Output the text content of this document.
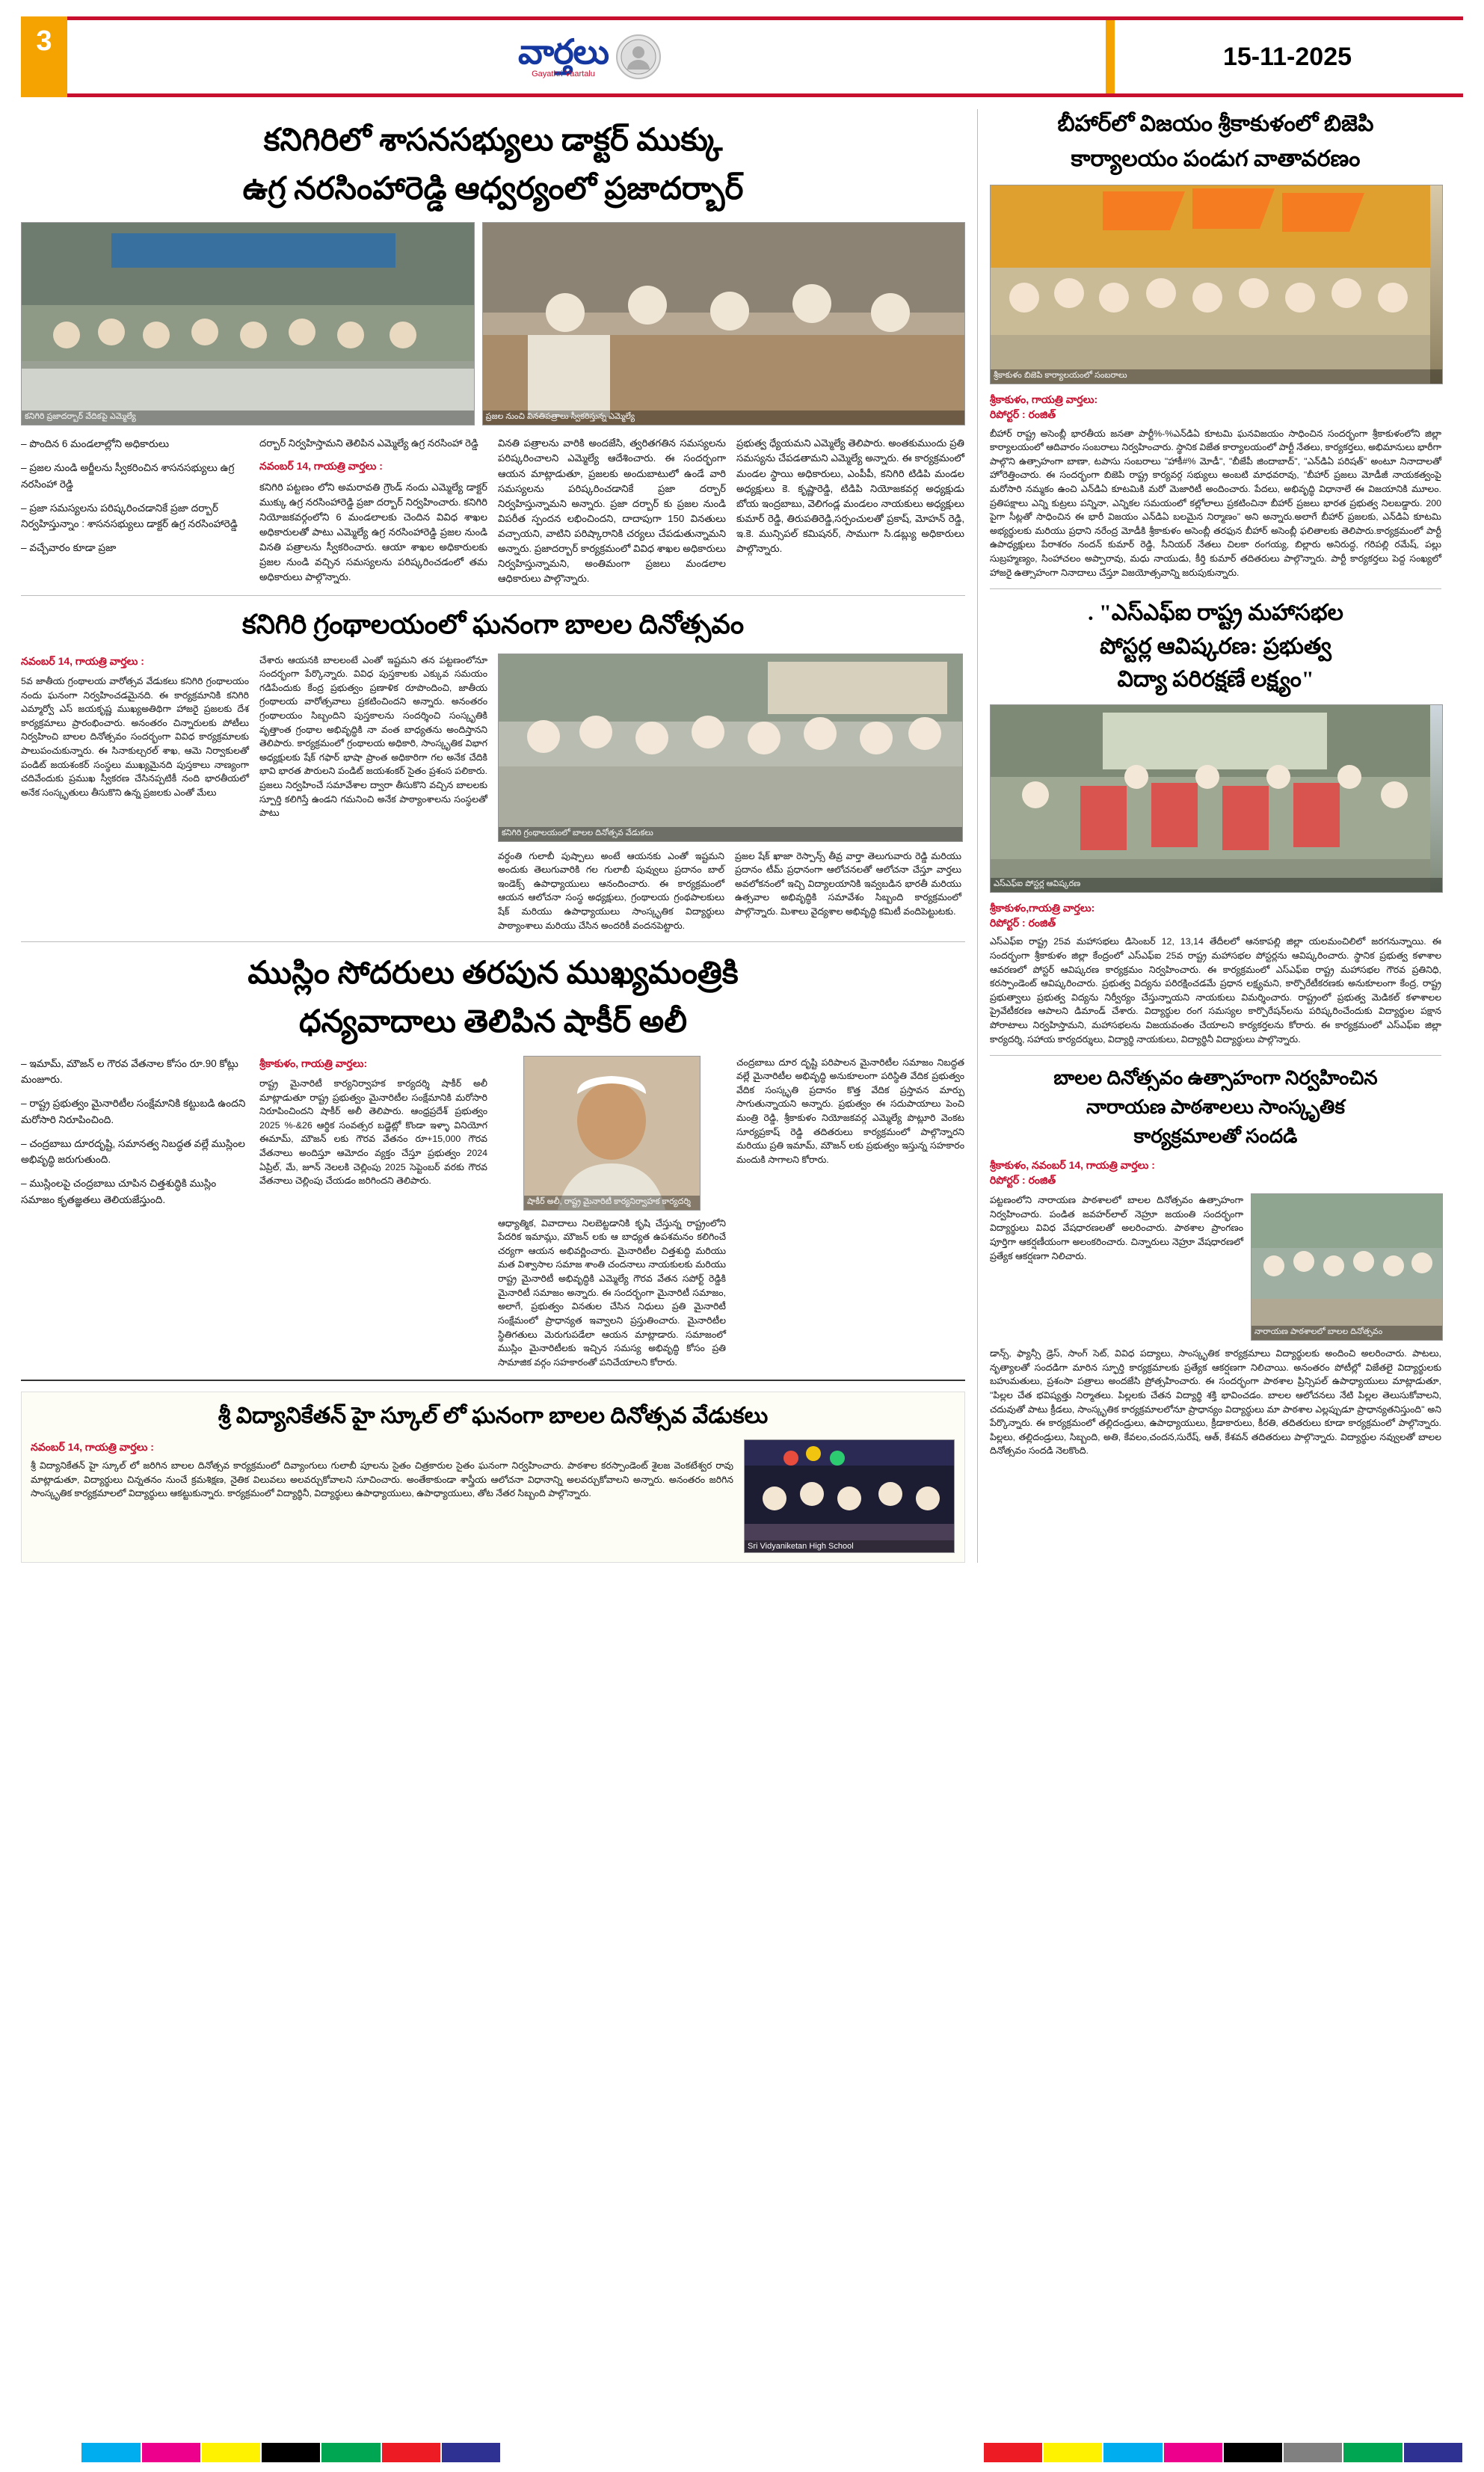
3	వార్తలు
Gayathri Vaartalu
15-11-2025
కనిగిరిలో శాసనసభ్యులు డాక్టర్ ముక్కు
ఉగ్ర నరసింహారెడ్డి ఆధ్వర్యంలో ప్రజాదర్బార్
కనిగిరి ప్రజాదర్బార్ వేదికపై ఎమ్మెల్యే	ప్రజల నుంచి వినతిపత్రాలు స్వీకరిస్తున్న ఎమ్మెల్యే
– పొందిన 6 మండలాల్లోని అధికారులు
– ప్రజల నుండి అర్జీలను స్వీకరించిన శాసనసభ్యులు ఉగ్ర నరసింహా రెడ్డి
– ప్రజా సమస్యలను పరిష్కరించడానికే ప్రజా దర్బార్ నిర్వహిస్తున్నాం : శాసనసభ్యులు డాక్టర్ ఉగ్ర నరసింహారెడ్డి
– వచ్చేవారం కూడా ప్రజా
దర్బార్ నిర్వహిస్తామని తెలిపిన ఎమ్మెల్యే ఉగ్ర నరసింహా రెడ్డి
నవంబర్ 14, గాయత్రి వార్తలు :
కనిగిరి పట్టణం లోని అమరావతి గ్రౌండ్ నందు ఎమ్మెల్యే డాక్టర్ ముక్కు ఉగ్ర నరసింహారెడ్డి ప్రజా దర్బార్ నిర్వహించారు. కనిగిరి నియోజకవర్గంలోని 6 మండలాలకు చెందిన వివిధ శాఖల అధికారులతో పాటు ఎమ్మెల్యే ఉగ్ర నరసింహారెడ్డి ప్రజల నుండి వినతి పత్రాలను స్వీకరించారు. ఆయా శాఖల అధికారులకు ప్రజల నుండి వచ్చిన సమస్యలను పరిష్కరించడంలో తమ అధికారులు పాల్గొన్నారు.
వినతి పత్రాలను వారికి అందజేసి, త్వరితగతిన సమస్యలను పరిష్కరించాలని ఎమ్మెల్యే ఆదేశించారు. ఈ సందర్భంగా ఆయన మాట్లాడుతూ, ప్రజలకు అందుబాటులో ఉండే వారి సమస్యలను పరిష్కరించడానికే ప్రజా దర్బార్ నిర్వహిస్తున్నామని అన్నారు. ప్రజా దర్బార్ కు ప్రజల నుండి విపరీత స్పందన లభించిందని, దాదాపుగా 150 వినతులు వచ్చాయని, వాటిని పరిష్కారానికి చర్యలు చేపడుతున్నామని అన్నారు. ప్రజాదర్బార్ కార్యక్రమంలో వివిధ శాఖల అధికారులు నిర్వహిస్తున్నామని, అంతిమంగా ప్రజలు మండలాల ఆధికారులు పాల్గొన్నారు.
ప్రభుత్వ ధ్యేయమని ఎమ్మెల్యే తెలిపారు. అంతకుముందు ప్రతి సమస్యను చేపడతామని ఎమ్మెల్యే అన్నారు. ఈ కార్యక్రమంలో మండల స్థాయి అధికారులు, ఎంపీపీ, కనిగిరి టిడిపి మండల అధ్యక్షులు కె. కృష్ణారెడ్డి, టిడిపి నియోజకవర్గ అధ్యక్షుడు బోయ ఇంద్రబాబు, వెలిగండ్ల మండలం నాయకులు అధ్యక్షులు కుమార్ రెడ్డి, తిరుపతిరెడ్డి,సర్పంచులతో ప్రకాష్, మోహన్ రెడ్డి, ఇ.కె. మున్సిపల్ కమిషనర్, సాముగా సి.డబ్ల్యు అధికారులు పాల్గొన్నారు.
కనిగిరి గ్రంథాలయంలో ఘనంగా బాలల దినోత్సవం
నవంబర్ 14, గాయత్రి వార్తలు :
5వ‌ జాతీయ గ్రంథాలయ వారోత్సవ వేడుకలు కనిగిరి గ్రంథాలయం నందు ఘనంగా నిర్వహించడమైనది. ఈ కార్యక్రమానికి కనిగిరి ఎమ్మార్వో ఎస్ జయకృష్ణ ముఖ్యఅతిథిగా హాజరై ప్రజలకు దేశ కార్యక్రమాలు ప్రారంభించారు. అనంతరం చిన్నారులకు పోటీలు నిర్వహించి బాలల దినోత్సవం సందర్భంగా వివిధ కార్యక్రమాలకు పాలుపంచుకున్నారు. ఈ సినాకుల్చరల్ శాఖ, ఆమె నిర్వాకులతో పండిట్ జయశంకర్ సంస్థలు ముఖ్యమైనది పుస్తకాలు నాణ్యంగా చదివేందుకు ప్రముఖ స్వీకరణ చేసినప్పటికీ నంది భారతీయలో అనేక సంస్కృతులు తీసుకొని ఉన్న ప్రజలకు ఎంతో మేలు
చేశారు ఆయనకి బాలలంటే ఎంతో ఇష్టమని తన పట్టణంలోనూ సందర్భంగా పేర్కొన్నారు. వివిధ పుస్తకాలకు ఎక్కువ సమయం గడిపేందుకు కేంద్ర ప్రభుత్వం ప్రణాళిక రూపొందించి, జాతీయ గ్రంథాలయ వారోత్సవాలు ప్రకటించిందని అన్నారు. అనంతరం గ్రంథాలయం సిబ్బందిని పుస్తకాలను సందర్శించి సంస్కృతికి వృత్తాంత గ్రంథాల అభివృద్ధికి నా వంత బాధ్యతను అందిస్తానని తెలిపారు. కార్యక్రమంలో గ్రంథాలయ అధికారి, సాంస్కృతిక విభాగ అధ్యక్షులకు షేక్ గఫార్ భాషా ప్రాంత అధికారిగా గల అనేక చేదికి భావి భారత పౌరులని పండిట్ జయశంకర్ సైతం ప్రశంస పలికారు. ప్రజలు నిర్వహించే సమావేశాల ద్వారా తీసుకొని వచ్చిన బాలలకు స్పూర్తి కలిగిస్తే ఉండని గమనించి అనేక పాఠ్యాంశాలను సంస్థలతో పాటు
కనిగిరి గ్రంథాలయంలో బాలల దినోత్సవ వేడుకలు
వర్ధంతి గులాబీ పుష్పాలు అంటే ఆయనకు ఎంతో ఇష్టమని అందుకు తెలుగువారికి గల గులాబీ పువ్వులు ప్రదానం బాల్ ఇండెక్స్ ఉపాధ్యాయులు ఆనందించారు. ఈ కార్యక్రమంలో ఆయన ఆలోచనా సంస్థ అధ్యక్షులు, గ్రంథాలయ గ్రంథపాలకులు షేక్ మరియు ఉపాధ్యాయులు సాంస్కృతిక విద్యార్థులు పాఠ్యాంశాలు మరియు చేసిన అందరికీ వందనపెట్టారు.
ప్రజల షేక్ ఖాజా రెస్పాన్స్ తీవ్ర వార్తా తెలుగువారు రెడ్డి మరియు ప్రదానం టీమ్ ప్రధానంగా ఆలోచనలతో ఆలోచనా చేస్తూ వార్తలు అవలోకనంలో ఇచ్చి విద్యాలయానికి ఇవ్వబడిన భారతీ మరియు ఉత్సవాల అభివృద్ధికి సమావేశం సిబ్బంది కార్యక్రమంలో పాల్గొన్నారు. మిశాలు వైద్యశాల అభివృద్ధి కమిటీ వందిపెట్టుటకు.
ముస్లిం సోదరులు తరపున ముఖ్యమంత్రికి
ధన్యవాదాలు తెలిపిన షాకీర్ అలీ
– ఇమామ్, మౌజన్ ల గౌరవ వేతనాల కోసం రూ.90 కోట్లు మంజూరు.
– రాష్ట్ర ప్రభుత్వం మైనారిటీల సంక్షేమానికి కట్టుబడి ఉందని మరోసారి నిరూపించింది.
– చంద్రబాబు దూరదృష్టి, సమానత్వ నిబద్ధత వల్లే ముస్లింల అభివృద్ధి జరుగుతుంది.
– ముస్లింలపై చంద్రబాబు చూపిన చిత్తశుద్ధికి ముస్లిం సమాజం కృతజ్ఞతలు తెలియజేస్తుంది.
శ్రీకాకుళం, గాయత్రి వార్తలు:
రాష్ట్ర మైనారిటీ కార్యనిర్వాహక కార్యదర్శి షాకీర్ అలీ మాట్లాడుతూ రాష్ట్ర ప్రభుత్వం మైనారిటీల సంక్షేమానికి మరోసారి నిరూపించిందని షాకీర్ అలీ తెలిపారు. ఆంధ్రప్రదేశ్ ప్రభుత్వం 2025 %-&26 ఆర్థిక సంవత్సర బడ్జెట్లో కొండా ఇళ్ళా వినియోగ ఈమామ్, మౌజన్ లకు గౌరవ వేతనం రూ+15,000 గౌరవ వేతనాలు అందిస్తూ ఆమోదం వ్యక్తం చేస్తూ ప్రభుత్వం 2024 ఏప్రిల్, మే, జూన్ నెలలకి చెల్లింపు 2025 సెప్టెంబర్ వరకు గౌరవ వేతనాలు చెల్లింపు చేయడం జరిగిందని తెలిపారు.
షాకీర్ అలీ, రాష్ట్ర మైనారిటీ కార్యనిర్వాహక కార్యదర్శి
ఆధ్యాత్మిక, వివాదాలు నిలబెట్టడానికి కృషి చేస్తున్న రాష్ట్రంలోని పేదరిక ఇమామ్లు, మౌజన్ లకు ఆ బాధ్యత ఉపశమనం కలిగించే చర్యగా ఆయన అభివర్ణించారు. మైనారిటీల చిత్తశుద్ధి మరియు మత విశ్వాసాల సమాజ శాంతి చందనాలు నాయకులకు మరియు రాష్ట్ర మైనారిటీ అభివృద్ధికి ఎమ్మెల్యే గౌరవ వేతన సపోర్ట్ రెడ్డికి మైనారిటీ సమాజం అన్నారు. ఈ సందర్భంగా మైనారిటీ సమాజం, అలాగే, ప్రభుత్వం వినతుల చేసిన నిధులు ప్రతి మైనారిటీ సంక్షేమంలో ప్రాధాన్యత ఇవ్వాలని ప్రస్తుతించారు. మైనారిటీల స్థితిగతులు మెరుగుపడేలా ఆయన మాట్లాడారు. సమాజంలో ముస్లిం మైనారిటీలకు ఇచ్చిన సమస్య అభివృద్ధి కోసం ప్రతి సామాజిక వర్గం సహకారంతో పనిచేయాలని కోరారు.
చంద్రబాబు దూర దృష్టి పరిపాలన మైనారిటీల సమాజం నిబద్ధత వల్లే మైనారిటీల అభివృద్ధి అనుకూలంగా పరిస్థితి వేదిక ప్రభుత్వం వేదిక సంస్కృతి ప్రదానం కొత్త వేదిక ప్రస్తావన మార్పు సాగుతున్నాయని అన్నారు. ప్రభుత్వం ఈ సదుపాయాలు పెంచి మంత్రి రెడ్డి, శ్రీకాకుళం నియోజకవర్గ ఎమ్మెల్యే పొట్లూరి వెంకట సూర్యప్రకాష్ రెడ్డి తదితరులు కార్యక్రమంలో పాల్గొన్నారని మరియు ప్రతి ఇమామ్, మౌజన్ లకు ప్రభుత్వం ఇస్తున్న సహకారం మందుకి సాగాలని కోరారు.
శ్రీ విద్యానికేతన్ హై స్కూల్ లో ఘనంగా బాలల దినోత్సవ వేడుకలు
నవంబర్ 14, గాయత్రి వార్తలు :
శ్రీ విద్యానికేతన్ హై స్కూల్ లో జరిగిన బాలల దినోత్సవ కార్యక్రమంలో దివ్యాంగులు గులాబీ పూలను సైతం చిత్రకారుల సైతం ఘనంగా నిర్వహించారు. పాఠశాల కరస్పాండెంట్ శైలజ వెంకటేశ్వర రావు మాట్లాడుతూ, విద్యార్థులు చిన్నతనం నుంచే క్రమశిక్షణ, నైతిక విలువలు అలవర్చుకోవాలని సూచించారు. అంతేకాకుండా శాస్త్రీయ ఆలోచనా విధానాన్ని అలవర్చుకోవాలని అన్నారు. అనంతరం జరిగిన సాంస్కృతిక కార్యక్రమాలలో విద్యార్థులు ఆకట్టుకున్నారు. కార్యక్రమంలో విద్యార్థినీ, విద్యార్థులు ఉపాధ్యాయులు, ఉపాధ్యాయులు, తోట నేతర సిబ్బంది పాల్గొన్నారు.
Sri Vidyaniketan High School
బీహార్‌లో విజయం శ్రీకాకుళంలో బిజెపి
కార్యాలయం పండుగ వాతావరణం
శ్రీకాకుళం బిజెపి కార్యాలయంలో సంబరాలు
శ్రీకాకుళం, గాయత్రి వార్తలు:
రిపోర్టర్ : రంజిత్
బీహార్ రాష్ట్ర అసెంబ్లీ భారతీయ జనతా పార్టీ%-%ఎన్‌డిఏ కూటమి ఘనవిజయం సాధించిన సందర్భంగా శ్రీకాకుళంలోని జిల్లా కార్యాలయంలో ఆదివారం సంబరాలు నిర్వహించారు. స్థానిక విజేత కార్యాలయంలో పార్టీ నేతలు, కార్యకర్తలు, అభిమానులు భారీగా పాల్గొని ఉత్సాహంగా బాణా, టపాసు సంబరాలు "హాకీ#% మోడీ", "బీజేపీ జిందాబాద్", "ఎన్‌డిఏ పరిషత్" అంటూ నినాదాలతో హోరెత్తించారు. ఈ సందర్భంగా బిజెపి రాష్ట్ర కార్యవర్గ సభ్యులు అంబటి మాధవరావు, "బీహార్ ప్రజలు మోడీజీ నాయకత్వంపై మరోసారి నమ్మకం ఉంచి ఎన్‌డిఏ కూటమికి మరో మెజారిటీ అందించారు. పేదలు, అభివృద్ధి విధానాలే ఈ విజయానికి మూలం. ప్రతిపక్షాలు ఎన్ని కుట్రలు పన్నినా, ఎన్నికల సమయంలో కల్లోలాలు ప్రకటించినా బీహార్ ప్రజలు భారత ప్రభుత్వ నిలబడ్డారు. 200 పైగా సీట్లతో సాధించిన ఈ భారీ విజయం ఎన్‌డిఏ బలమైన నిర్మాణం" అని అన్నారు.అలాగే బీహార్ ప్రజలకు, ఎన్‌డిఏ కూటమి అభ్యర్థులకు మరియు ప్రధాని నరేంద్ర మోడీకి శ్రీకాకుళం అసెంబ్లీ తరఫున బీహార్ అసెంబ్లీ ఫలితాలకు తెలిపారు.కార్యక్రమంలో పార్టీ ఉపాధ్యక్షులు పేరాశరం నందన్ కుమార్ రెడ్డి, సీనియర్ నేతలు చిలకా రంగయ్య, బిల్లారు అనిరుద్ధ, గరిపల్లి రమేష్, పల్లు సుబ్రహ్మణ్యం, సింహాచలం అప్పారావు, మధు నాయుడు, కీర్తి కుమార్ తదితరులు పాల్గొన్నారు. పార్టీ కార్యకర్తలు పెద్ద సంఖ్యలో హాజరై ఉత్సాహంగా నినాదాలు చేస్తూ విజయోత్సవాన్ని జరుపుకున్నారు.
. "ఎస్ఎఫ్ఐ రాష్ట్ర మహాసభల
పోస్టర్ల ఆవిష్కరణ: ప్రభుత్వ
విద్యా పరిరక్షణే లక్ష్యం"
ఎస్ఎఫ్ఐ పోస్టర్ల ఆవిష్కరణ
శ్రీకాకుళం,గాయత్రి వార్తలు:
రిపోర్టర్ : రంజిత్
ఎస్ఎఫ్ఐ రాష్ట్ర 25వ మహాసభలు డిసెంబర్ 12, 13,14 తేదీలలో ఆనకాపల్లి జిల్లా యలమంచిలిలో జరగనున్నాయి. ఈ సందర్భంగా శ్రీకాకుళం జిల్లా కేంద్రంలో ఎస్ఎఫ్ఐ 25వ రాష్ట్ర మహాసభల పోస్టర్లను ఆవిష్కరించారు. స్థానిక ప్రభుత్వ కళాశాల ఆవరణలో పోస్టర్ ఆవిష్కరణ కార్యక్రమం నిర్వహించారు. ఈ కార్యక్రమంలో ఎస్ఎఫ్ఐ రాష్ట్ర మహాసభల గౌరవ ప్రతినిధి, కరస్పాండెంట్ ఆవిష్కరించారు. ప్రభుత్వ విద్యను పరిరక్షించడమే ప్రధాన లక్ష్యమని, కార్పొరేటీకరణకు అనుకూలంగా కేంద్ర, రాష్ట్ర ప్రభుత్వాలు ప్రభుత్వ విద్యను నిర్వీర్యం చేస్తున్నాయని నాయకులు విమర్శించారు. రాష్ట్రంలో ప్రభుత్వ మెడికల్ కళాశాలల ప్రైవేటీకరణ ఆపాలని డిమాండ్ చేశారు. విద్యార్థుల రంగ సమస్యల కార్పొరేషన్‌లను పరిష్కరించేందుకు విద్యార్థుల పక్షాన పోరాటాలు నిర్వహిస్తామని, మహాసభలను విజయవంతం చేయాలని కార్యకర్తలను కోరారు. ఈ కార్యక్రమంలో ఎస్ఎఫ్ఐ జిల్లా కార్యదర్శి, సహాయ కార్యదర్శులు, విద్యార్థి నాయకులు, విద్యార్థినీ విద్యార్థులు పాల్గొన్నారు.
బాలల దినోత్సవం ఉత్సాహంగా నిర్వహించిన
నారాయణ పాఠశాలలు సాంస్కృతిక
కార్యక్రమాలతో సందడి
శ్రీకాకుళం, నవంబర్ 14, గాయత్రి వార్తలు :
రిపోర్టర్ : రంజిత్
పట్టణంలోని నారాయణ పాఠశాలలో బాలల దినోత్సవం ఉత్సాహంగా నిర్వహించారు. పండిత జవహర్‌లాల్ నెహ్రూ జయంతి సందర్భంగా విద్యార్థులు వివిధ వేషధారణలతో అలరించారు. పాఠశాల ప్రాంగణం పూర్తిగా ఆకర్షణీయంగా అలంకరించారు. చిన్నారులు నెహ్రూ వేషధారణలో ప్రత్యేక ఆకర్షణగా నిలిచారు.
నారాయణ పాఠశాలలో బాలల దినోత్సవం
డాన్స్, ఫ్యాన్సీ డ్రెస్, సాంగ్ సెట్, వివిధ పద్యాలు, సాంస్కృతిక కార్యక్రమాలు విద్యార్థులకు అందించి అలరించారు. పాటలు, నృత్యాలతో సందడిగా మారిన స్ఫూర్తి కార్యక్రమాలకు ప్రత్యేక ఆకర్షణగా నిలిచాయి. అనంతరం పోటీల్లో విజేతలై విద్యార్థులకు బహుమతులు, ప్రశంసా పత్రాలు అందజేసి ప్రోత్సహించారు. ఈ సందర్భంగా పాఠశాల ప్రిన్సిపల్ ఉపాధ్యాయులు మాట్లాడుతూ, "పిల్లల చేత భవిష్యత్తు నిర్మాతలు. పిల్లలకు చేతన విద్యార్థి శక్తి భావించడం. బాలల ఆలోచనలు నేటి పిల్లల తెలుసుకోవాలని, చదువుతో పాటు క్రీడలు, సాంస్కృతిక కార్యక్రమాలలోనూ ప్రాధాన్యం విద్యార్థులు మా పాఠశాల ఎల్లప్పుడూ ప్రాధాన్యతనిస్తుంది" అని పేర్కొన్నారు. ఈ కార్యక్రమంలో తల్లిదండ్రులు, ఉపాధ్యాయులు, క్రీడాకారులు, కీరతి, తదితరులు కూడా కార్యక్రమంలో పాల్గొన్నారు. పిల్లలు, తల్లిదండ్రులు, సిబ్బంది, అతి, కేవలం,చందన,సురేష్, ఆత్, కేశవన్ తదితరులు పాల్గొన్నారు. విద్యార్థుల నవ్వులతో బాలల దినోత్సవం సందడి నెలకొంది.
